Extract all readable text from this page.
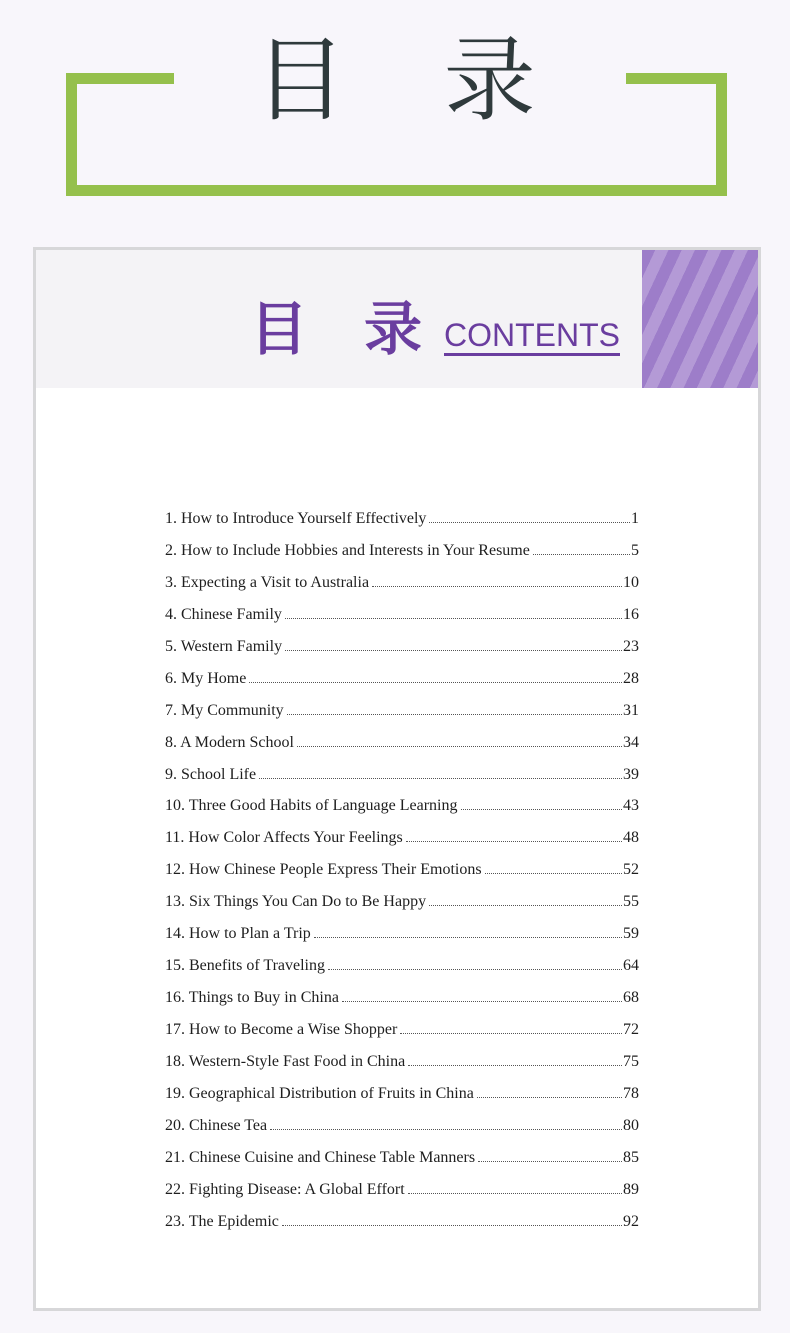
目 录
目 录 CONTENTS
1. How to Introduce Yourself Effectively	1
2. How to Include Hobbies and Interests in Your Resume	5
3. Expecting a Visit to Australia	10
4. Chinese Family	16
5. Western Family	23
6. My Home	28
7. My Community	31
8. A Modern School	34
9. School Life	39
10. Three Good Habits of Language Learning	43
11. How Color Affects Your Feelings	48
12. How Chinese People Express Their Emotions	52
13. Six Things You Can Do to Be Happy	55
14. How to Plan a Trip	59
15. Benefits of Traveling	64
16. Things to Buy in China	68
17. How to Become a Wise Shopper	72
18. Western-Style Fast Food in China	75
19. Geographical Distribution of Fruits in China	78
20. Chinese Tea	80
21. Chinese Cuisine and Chinese Table Manners	85
22. Fighting Disease: A Global Effort	89
23. The Epidemic	92
